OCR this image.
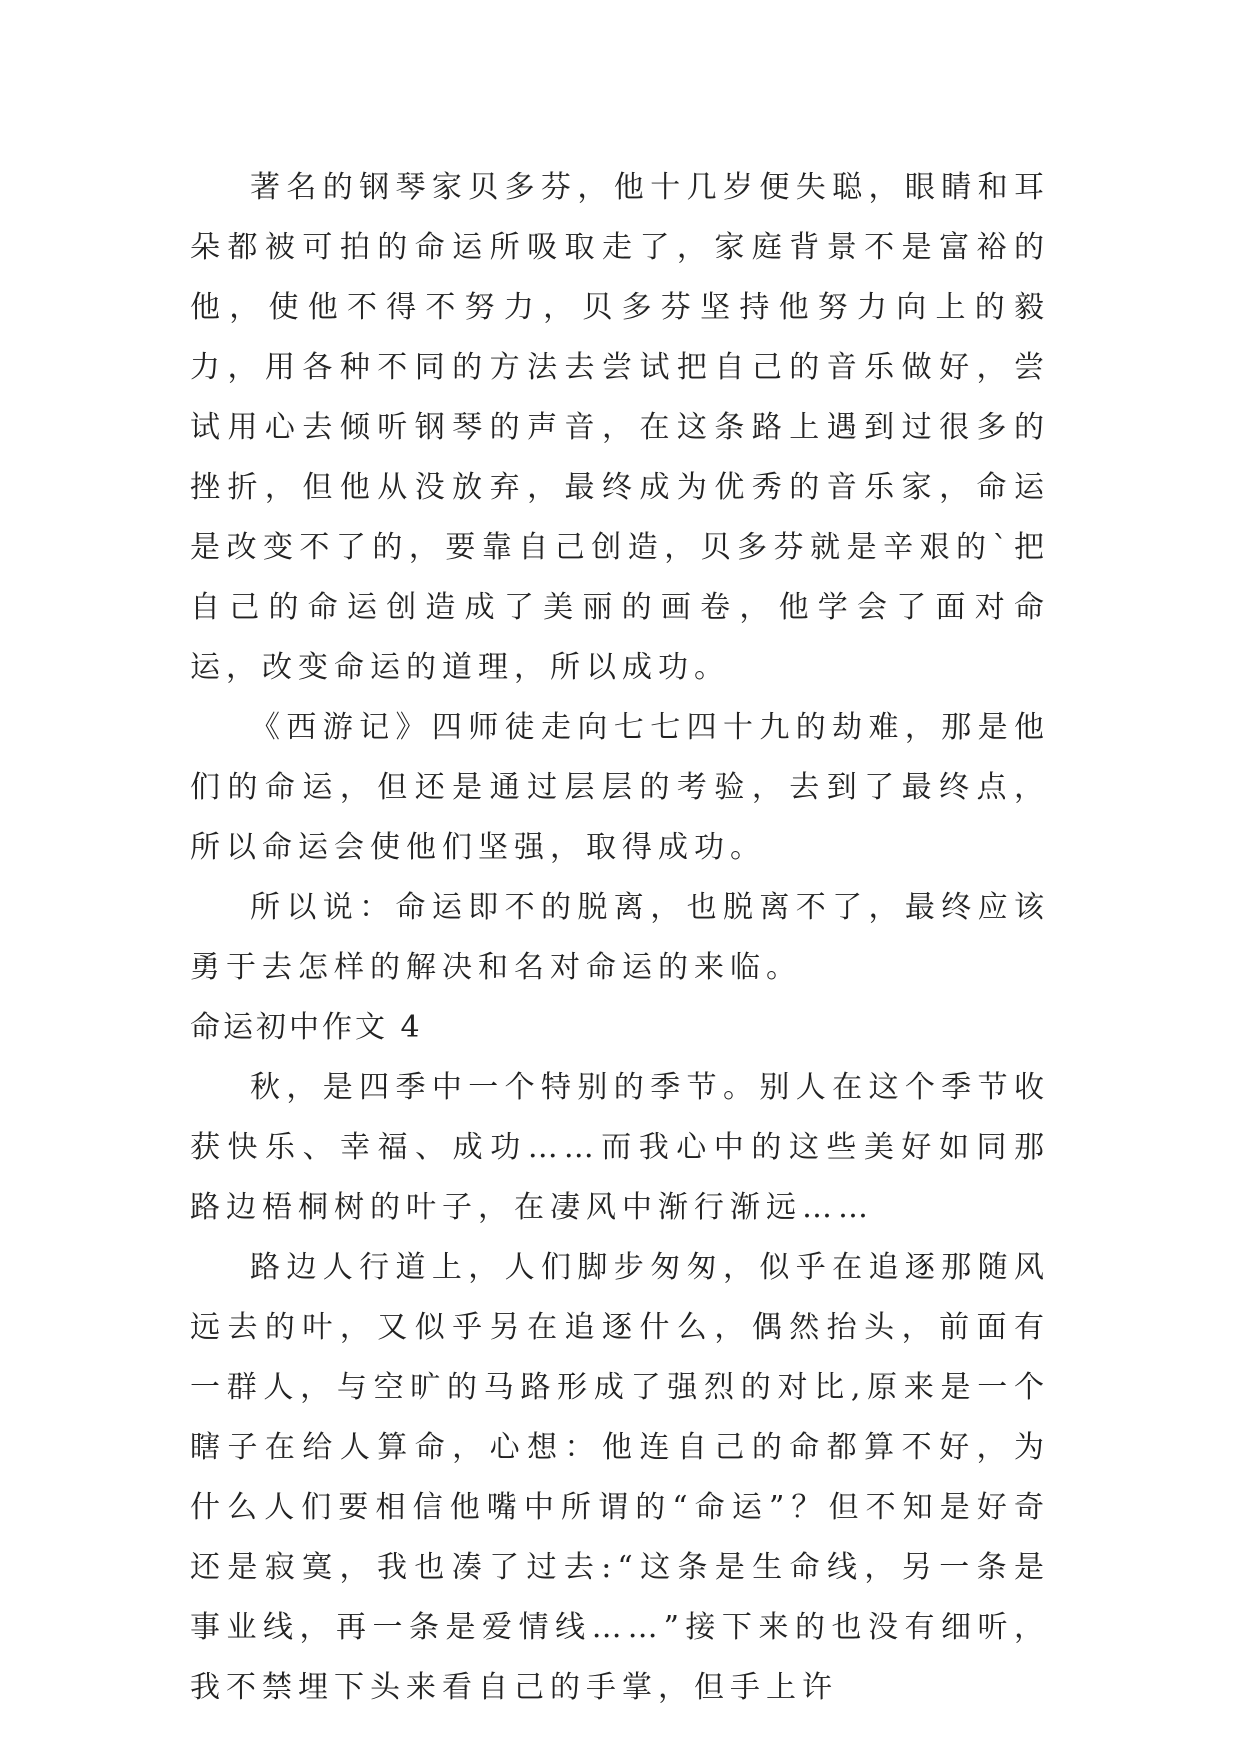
著名的钢琴家贝多芬，他十几岁便失聪，眼睛和耳朵都被可拍的命运所吸取走了，家庭背景不是富裕的他，使他不得不努力，贝多芬坚持他努力向上的毅力，用各种不同的方法去尝试把自己的音乐做好，尝试用心去倾听钢琴的声音，在这条路上遇到过很多的挫折，但他从没放弃，最终成为优秀的音乐家，命运是改变不了的，要靠自己创造，贝多芬就是辛艰的`把自己的命运创造成了美丽的画卷，他学会了面对命运，改变命运的道理，所以成功。

《西游记》四师徒走向七七四十九的劫难，那是他们的命运，但还是通过层层的考验，去到了最终点，所以命运会使他们坚强，取得成功。

所以说：命运即不的脱离，也脱离不了，最终应该勇于去怎样的解决和名对命运的来临。

命运初中作文 4

秋，是四季中一个特别的季节。别人在这个季节收获快乐、幸福、成功……而我心中的这些美好如同那路边梧桐树的叶子，在凄风中渐行渐远……

路边人行道上，人们脚步匆匆，似乎在追逐那随风远去的叶，又似乎另在追逐什么，偶然抬头，前面有一群人，与空旷的马路形成了强烈的对比,原来是一个瞎子在给人算命，心想：他连自己的命都算不好，为什么人们要相信他嘴中所谓的“命运”？但不知是好奇还是寂寞，我也凑了过去:“这条是生命线，另一条是事业线，再一条是爱情线……”接下来的也没有细听，我不禁埋下头来看自己的手掌，但手上许
